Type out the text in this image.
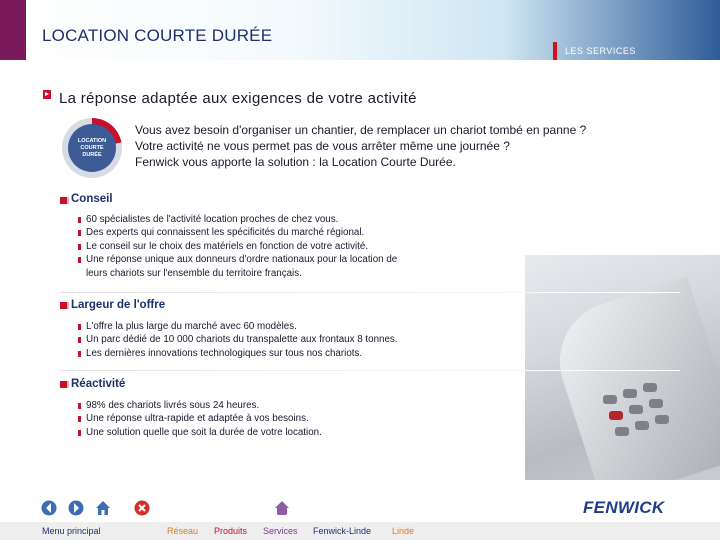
LOCATION COURTE DURÉE
LES SERVICES
La réponse adaptée aux exigences de votre activité
LOCATION
COURTE
DURÉE
Vous avez besoin d'organiser un chantier, de remplacer un chariot tombé en panne ?
Votre activité ne vous permet pas de vous arrêter même une journée ?
Fenwick vous apporte la solution : la Location Courte Durée.
Conseil
60 spécialistes de l'activité location proches de chez vous.
Des experts qui connaissent les spécificités du marché régional.
Le conseil sur le choix des matériels en fonction de votre activité.
Une réponse unique aux donneurs d'ordre nationaux pour la location de
leurs chariots sur l'ensemble du territoire français.
Largeur de l'offre
L'offre la plus large du marché avec 60 modèles.
Un parc dédié de 10 000 chariots du transpalette aux frontaux 8 tonnes.
Les dernières innovations technologiques sur tous nos chariots.
Réactivité
98% des chariots livrés sous 24 heures.
Une réponse ultra-rapide et adaptée à vos besoins.
Une solution quelle que soit la durée de votre location.
FENWICK
Menu principal	Réseau Produits Services Fenwick-Linde Linde
